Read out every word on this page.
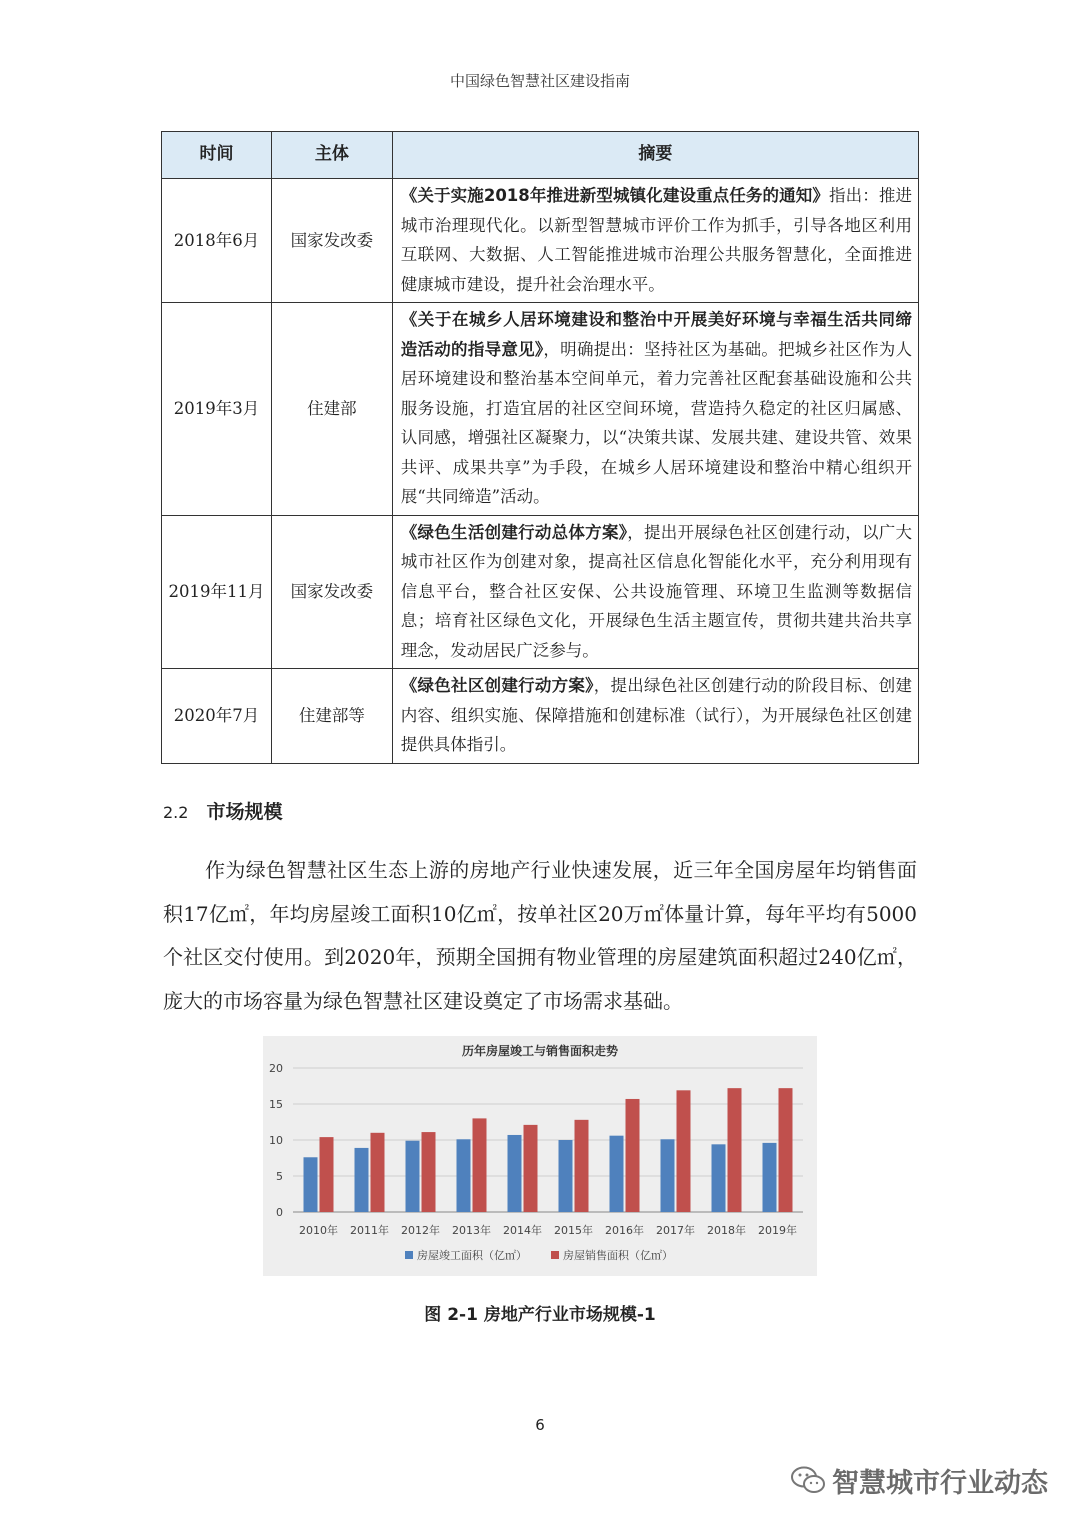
中国绿色智慧社区建设指南
时间	主体	摘要
2018年6月	国家发改委	《关于实施2018年推进新型城镇化建设重点任务的通知》指出：推进城市治理现代化。以新型智慧城市评价工作为抓手，引导各地区利用互联网、大数据、人工智能推进城市治理公共服务智慧化，全面推进健康城市建设，提升社会治理水平。
2019年3月	住建部	《关于在城乡人居环境建设和整治中开展美好环境与幸福生活共同缔造活动的指导意见》，明确提出：坚持社区为基础。把城乡社区作为人居环境建设和整治基本空间单元，着力完善社区配套基础设施和公共服务设施，打造宜居的社区空间环境，营造持久稳定的社区归属感、认同感，增强社区凝聚力，以“决策共谋、发展共建、建设共管、效果共评、成果共享”为手段，在城乡人居环境建设和整治中精心组织开展“共同缔造”活动。
2019年11月	国家发改委	《绿色生活创建行动总体方案》，提出开展绿色社区创建行动，以广大城市社区作为创建对象，提高社区信息化智能化水平，充分利用现有信息平台，整合社区安保、公共设施管理、环境卫生监测等数据信息；培育社区绿色文化，开展绿色生活主题宣传，贯彻共建共治共享理念，发动居民广泛参与。
2020年7月	住建部等	《绿色社区创建行动方案》，提出绿色社区创建行动的阶段目标、创建内容、组织实施、保障措施和创建标准（试行），为开展绿色社区创建提供具体指引。
2.2 市场规模

作为绿色智慧社区生态上游的房地产行业快速发展，近三年全国房屋年均销售面积17亿㎡，年均房屋竣工面积10亿㎡，按单社区20万㎡体量计算，每年平均有5000个社区交付使用。到2020年，预期全国拥有物业管理的房屋建筑面积超过240亿㎡，庞大的市场容量为绿色智慧社区建设奠定了市场需求基础。

历年房屋竣工与销售面积走势
0
5
10
15
20
2010年 2011年 2012年 2013年 2014年 2015年 2016年 2017年 2018年 2019年
房屋竣工面积（亿㎡）	房屋销售面积（亿㎡）
图 2-1 房地产行业市场规模-1
6
智慧城市行业动态
